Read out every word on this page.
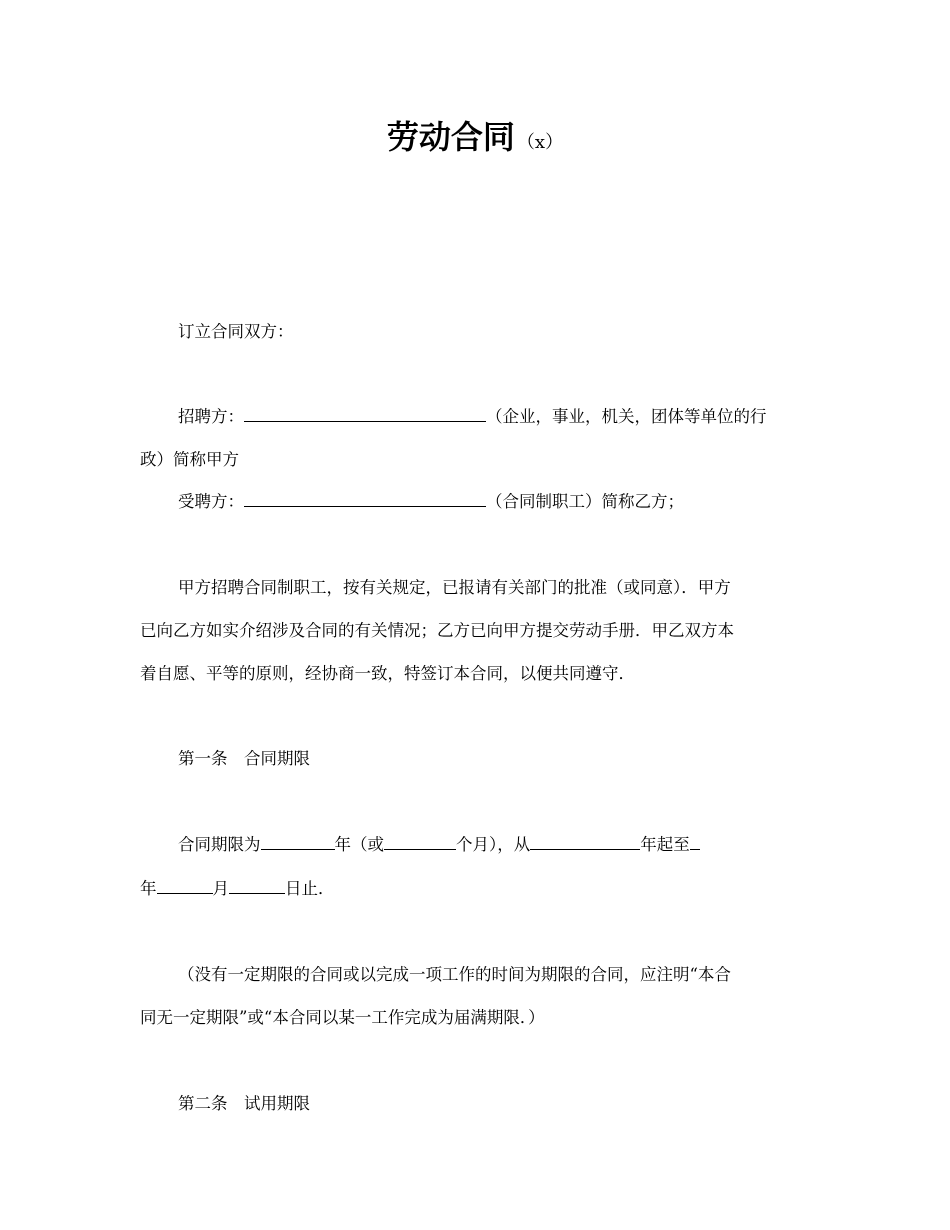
劳动合同 （x）
订立合同双方：
招聘方：	（企业，事业，机关，团体等单位的行
政）简称甲方
受聘方：	（合同制职工）简称乙方；
甲方招聘合同制职工，按有关规定，已报请有关部门的批准（或同意）．甲方
已向乙方如实介绍涉及合同的有关情况；乙方已向甲方提交劳动手册．甲乙双方本
着自愿、平等的原则，经协商一致，特签订本合同，以便共同遵守．
第一条　合同期限
合同期限为	年（或	个月），从	年起至
年	月	日止．
（没有一定期限的合同或以完成一项工作的时间为期限的合同，应注明“本合
同无一定期限”或“本合同以某一工作完成为届满期限．）
第二条　试用期限
